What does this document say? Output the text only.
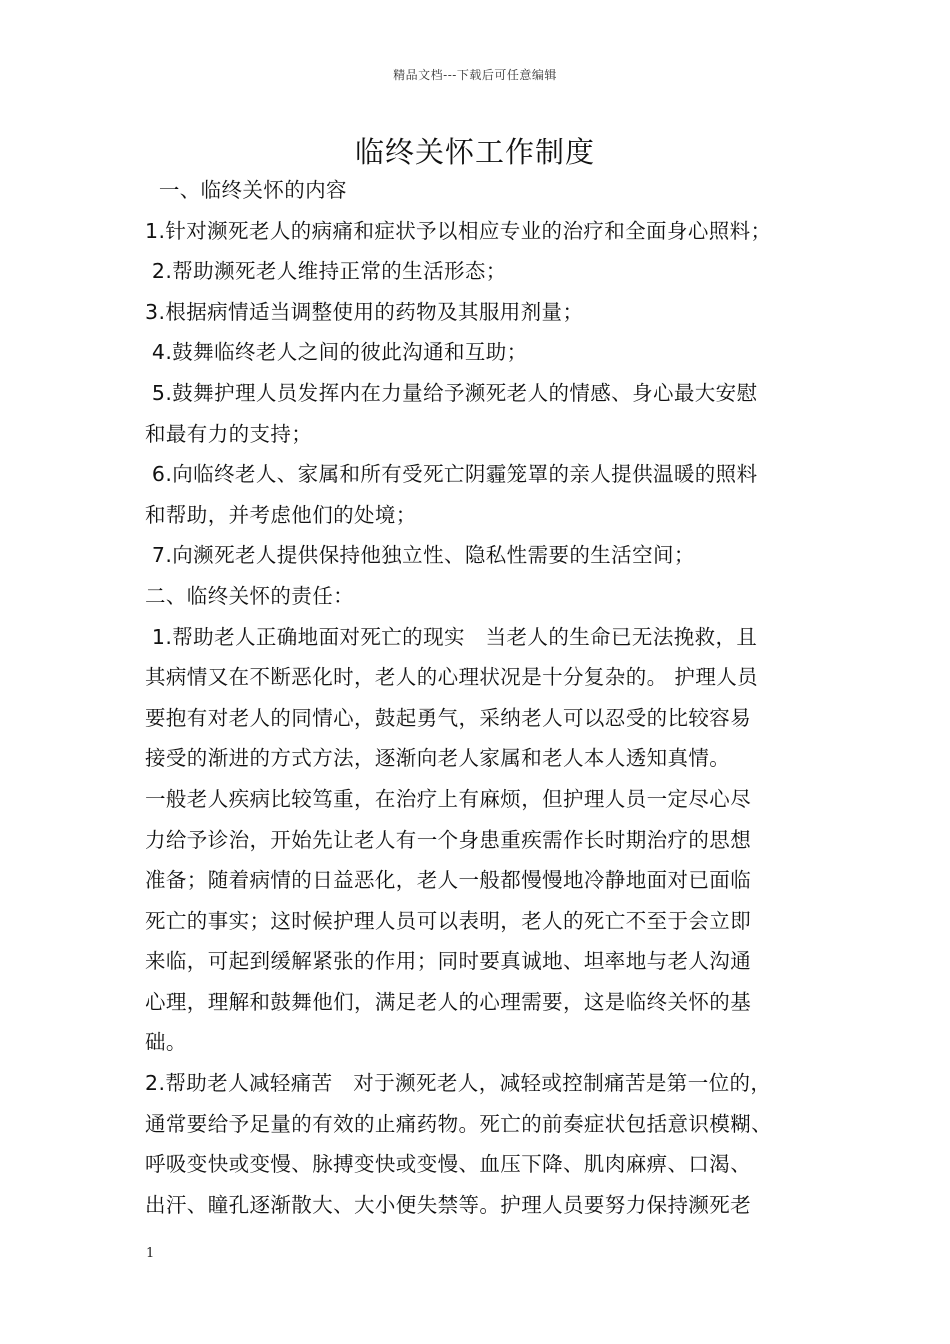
精品文档---下载后可任意编辑
临终关怀工作制度
一、临终关怀的内容
1.针对濒死老人的病痛和症状予以相应专业的治疗和全面身心照料；
2.帮助濒死老人维持正常的生活形态；
3.根据病情适当调整使用的药物及其服用剂量；
4.鼓舞临终老人之间的彼此沟通和互助；
5.鼓舞护理人员发挥内在力量给予濒死老人的情感、身心最大安慰
和最有力的支持；
6.向临终老人、家属和所有受死亡阴霾笼罩的亲人提供温暖的照料
和帮助，并考虑他们的处境；
7.向濒死老人提供保持他独立性、隐私性需要的生活空间；
二、临终关怀的责任：
1.帮助老人正确地面对死亡的现实   当老人的生命已无法挽救，且
其病情又在不断恶化时，老人的心理状况是十分复杂的。 护理人员
要抱有对老人的同情心，鼓起勇气，采纳老人可以忍受的比较容易
接受的渐进的方式方法，逐渐向老人家属和老人本人透知真情。
一般老人疾病比较笃重，在治疗上有麻烦，但护理人员一定尽心尽
力给予诊治，开始先让老人有一个身患重疾需作长时期治疗的思想
准备；随着病情的日益恶化，老人一般都慢慢地冷静地面对已面临
死亡的事实；这时候护理人员可以表明，老人的死亡不至于会立即
来临，可起到缓解紧张的作用；同时要真诚地、坦率地与老人沟通
心理，理解和鼓舞他们，满足老人的心理需要，这是临终关怀的基
础。
2.帮助老人减轻痛苦   对于濒死老人，减轻或控制痛苦是第一位的，
通常要给予足量的有效的止痛药物。死亡的前奏症状包括意识模糊、
呼吸变快或变慢、脉搏变快或变慢、血压下降、肌肉麻痹、口渴、
出汗、瞳孔逐渐散大、大小便失禁等。护理人员要努力保持濒死老
1
